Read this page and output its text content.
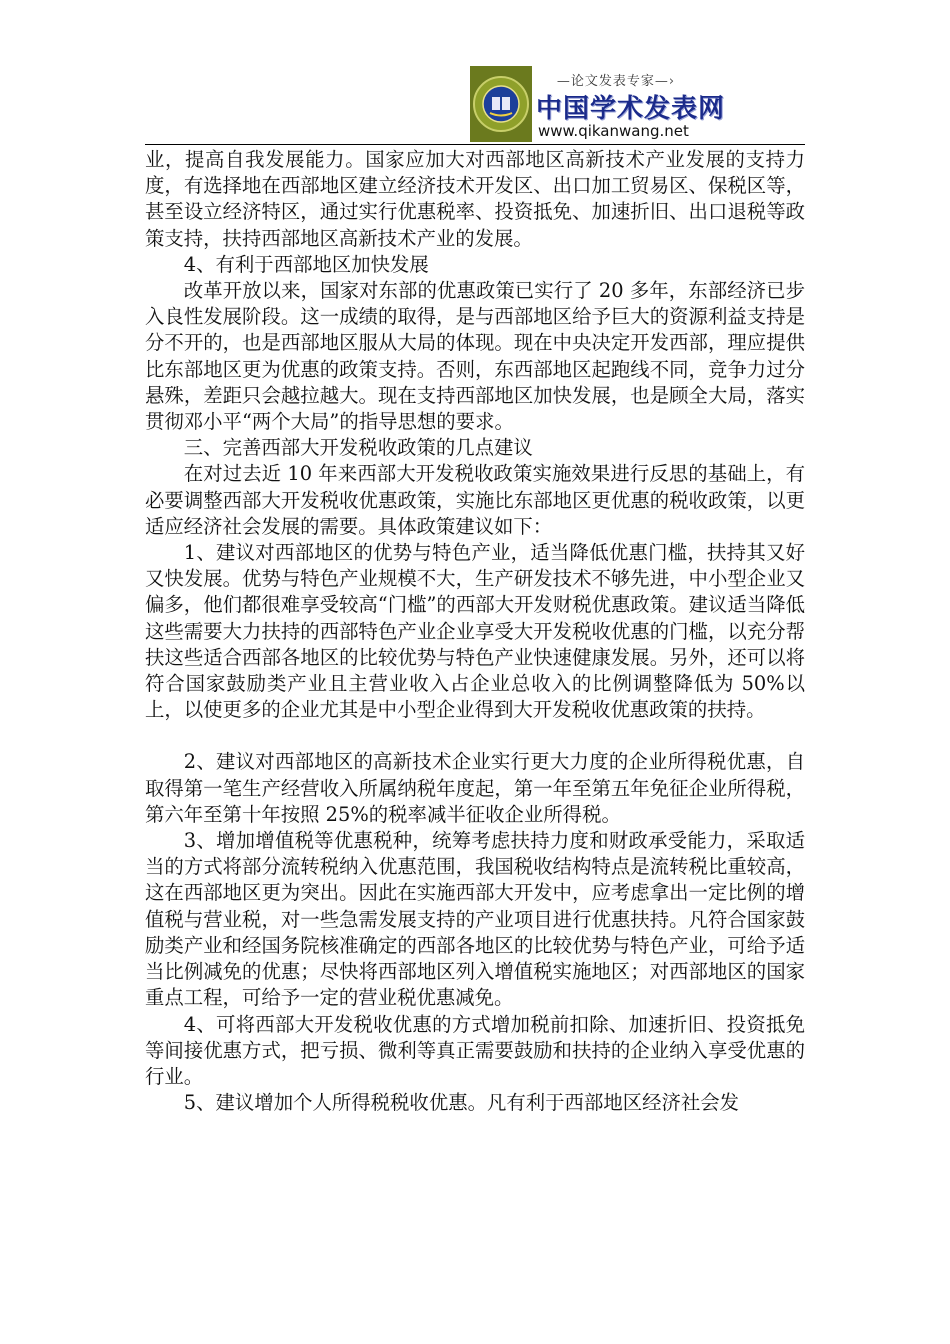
—论文发表专家—›
中国学术发表网
www.qikanwang.net

业，提高自我发展能力。国家应加大对西部地区高新技术产业发展的支持力度，有选择地在西部地区建立经济技术开发区、出口加工贸易区、保税区等，甚至设立经济特区，通过实行优惠税率、投资抵免、加速折旧、出口退税等政策支持，扶持西部地区高新技术产业的发展。

4、有利于西部地区加快发展

改革开放以来，国家对东部的优惠政策已实行了 20 多年，东部经济已步入良性发展阶段。这一成绩的取得，是与西部地区给予巨大的资源利益支持是分不开的，也是西部地区服从大局的体现。现在中央决定开发西部，理应提供比东部地区更为优惠的政策支持。否则，东西部地区起跑线不同，竞争力过分悬殊，差距只会越拉越大。现在支持西部地区加快发展，也是顾全大局，落实贯彻邓小平“两个大局”的指导思想的要求。

三、完善西部大开发税收政策的几点建议

在对过去近 10 年来西部大开发税收政策实施效果进行反思的基础上，有必要调整西部大开发税收优惠政策，实施比东部地区更优惠的税收政策，以更适应经济社会发展的需要。具体政策建议如下：

1、建议对西部地区的优势与特色产业，适当降低优惠门槛，扶持其又好又快发展。优势与特色产业规模不大，生产研发技术不够先进，中小型企业又偏多，他们都很难享受较高“门槛”的西部大开发财税优惠政策。建议适当降低这些需要大力扶持的西部特色产业企业享受大开发税收优惠的门槛，以充分帮扶这些适合西部各地区的比较优势与特色产业快速健康发展。另外，还可以将符合国家鼓励类产业且主营业收入占企业总收入的比例调整降低为 50%以上，以使更多的企业尤其是中小型企业得到大开发税收优惠政策的扶持。

2、建议对西部地区的高新技术企业实行更大力度的企业所得税优惠，自取得第一笔生产经营收入所属纳税年度起，第一年至第五年免征企业所得税，第六年至第十年按照 25%的税率减半征收企业所得税。

3、增加增值税等优惠税种，统筹考虑扶持力度和财政承受能力，采取适当的方式将部分流转税纳入优惠范围，我国税收结构特点是流转税比重较高，这在西部地区更为突出。因此在实施西部大开发中，应考虑拿出一定比例的增值税与营业税，对一些急需发展支持的产业项目进行优惠扶持。凡符合国家鼓励类产业和经国务院核准确定的西部各地区的比较优势与特色产业，可给予适当比例减免的优惠；尽快将西部地区列入增值税实施地区；对西部地区的国家重点工程，可给予一定的营业税优惠减免。

4、可将西部大开发税收优惠的方式增加税前扣除、加速折旧、投资抵免等间接优惠方式，把亏损、微利等真正需要鼓励和扶持的企业纳入享受优惠的行业。

5、建议增加个人所得税税收优惠。凡有利于西部地区经济社会发
